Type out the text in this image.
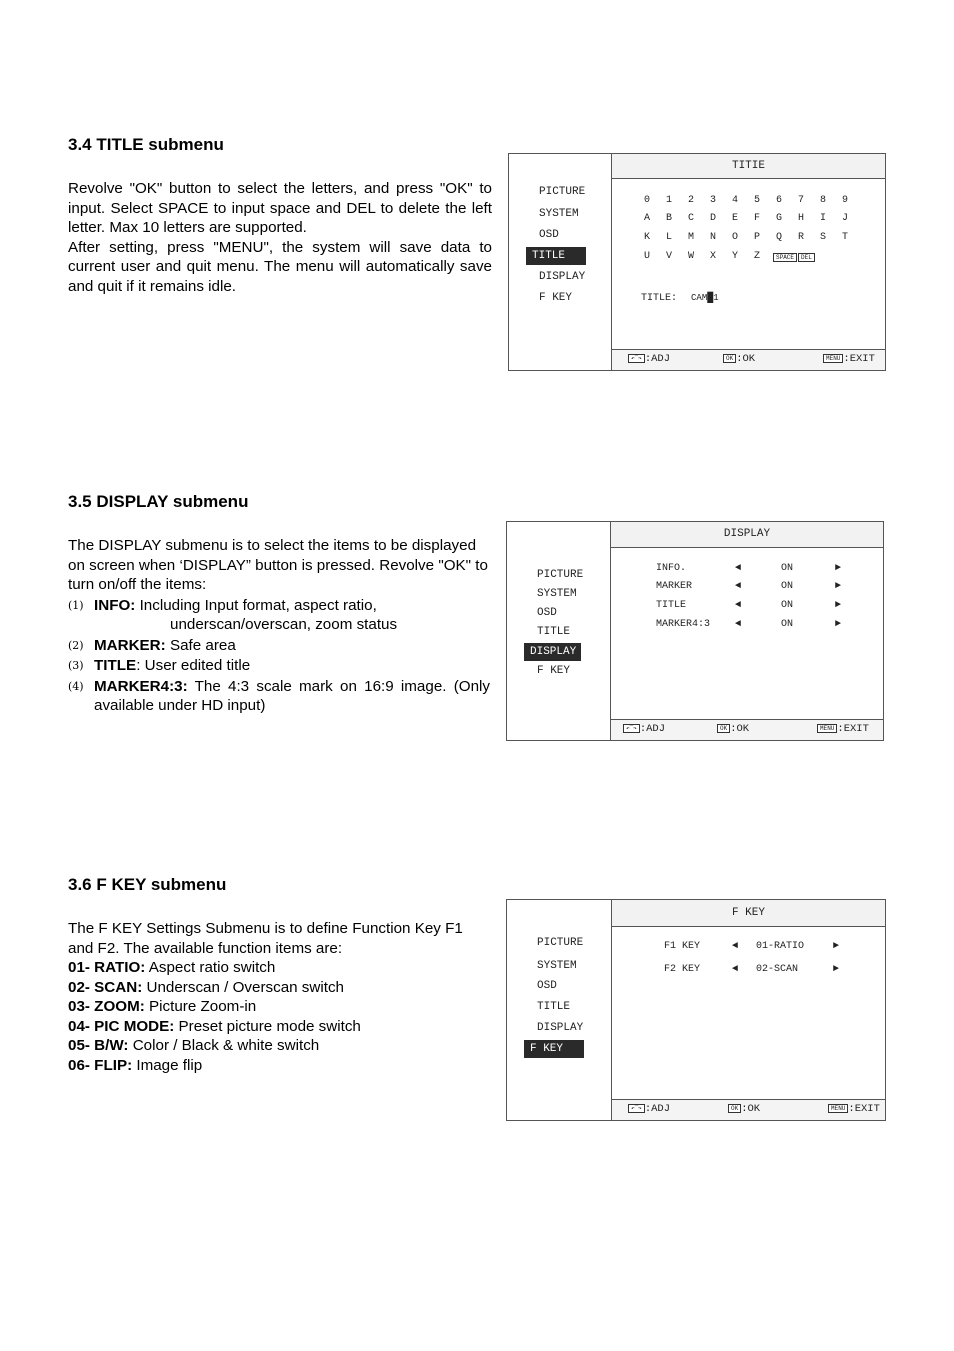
3.4 TITLE submenu

Revolve "OK" button to select the letters, and press "OK" to input. Select SPACE to input space and DEL to delete the left letter. Max 10 letters are supported.

After setting, press "MENU", the system will save data to current user and quit menu. The menu will automatically save and quit if it remains idle.

PICTURE
SYSTEM
OSD
TITLE
DISPLAY
F KEY
TITIE
0	1	2	3	4	5	6	7	8	9
A	B	C	D	E	F	G	H	I	J
K	L	M	N	O	P	Q	R	S	T
U	V	W	X	Y	Z	SPACE	DEL
TITLE: CAM█1
↶‾↷ :ADJ	OK :OK	MENU :EXIT
3.5 DISPLAY submenu

The DISPLAY submenu is to select the items to be displayed on screen when ‘DISPLAY” button is pressed. Revolve "OK" to turn on/off the items:

(1) INFO: Including Input format, aspect ratio,
underscan/overscan, zoom status
(2) MARKER: Safe area
(3) TITLE: User edited title
(4) MARKER4:3: The 4:3 scale mark on 16:9 image. (Only available under HD input)
PICTURE
SYSTEM
OSD
TITLE
DISPLAY
F KEY
DISPLAY
INFO.	◄	ON	►
MARKER	◄	ON	►
TITLE	◄	ON	►
MARKER4:3 ◄	ON	►
↶‾↷ :ADJ	OK :OK	MENU :EXIT
3.6 F KEY submenu

The F KEY Settings Submenu is to define Function Key F1 and F2. The available function items are:

01- RATIO: Aspect ratio switch

02- SCAN: Underscan / Overscan switch

03- ZOOM: Picture Zoom-in

04- PIC MODE: Preset picture mode switch

05- B/W: Color / Black & white switch

06- FLIP: Image flip

PICTURE
SYSTEM
OSD
TITLE
DISPLAY
F KEY
F KEY
F1 KEY	◄ 01-RATIO	►
F2 KEY	◄ 02-SCAN	►
↶‾↷ :ADJ	OK :OK	MENU :EXIT
